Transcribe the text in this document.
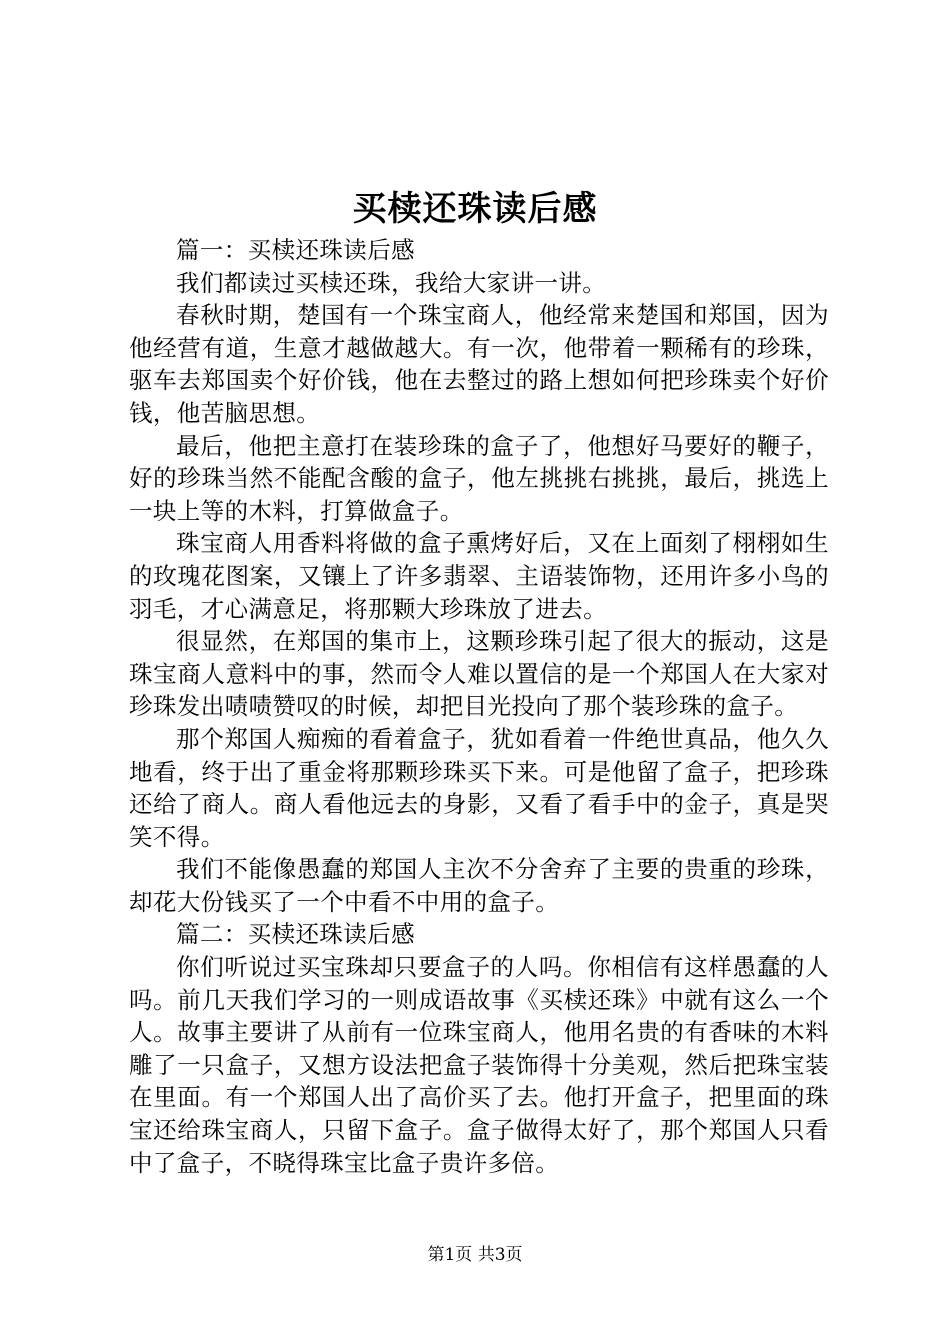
买椟还珠读后感

篇一：买椟还珠读后感

我们都读过买椟还珠，我给大家讲一讲。

春秋时期，楚国有一个珠宝商人，他经常来楚国和郑国，因为他经营有道，生意才越做越大。有一次，他带着一颗稀有的珍珠，驱车去郑国卖个好价钱，他在去整过的路上想如何把珍珠卖个好价钱，他苦脑思想。

最后，他把主意打在装珍珠的盒子了，他想好马要好的鞭子，好的珍珠当然不能配含酸的盒子，他左挑挑右挑挑，最后，挑选上一块上等的木料，打算做盒子。

珠宝商人用香料将做的盒子熏烤好后，又在上面刻了栩栩如生的玫瑰花图案，又镶上了许多翡翠、主语装饰物，还用许多小鸟的羽毛，才心满意足，将那颗大珍珠放了进去。

很显然，在郑国的集市上，这颗珍珠引起了很大的振动，这是珠宝商人意料中的事，然而令人难以置信的是一个郑国人在大家对珍珠发出啧啧赞叹的时候，却把目光投向了那个装珍珠的盒子。

那个郑国人痴痴的看着盒子，犹如看着一件绝世真品，他久久地看，终于出了重金将那颗珍珠买下来。可是他留了盒子，把珍珠还给了商人。商人看他远去的身影，又看了看手中的金子，真是哭笑不得。

我们不能像愚蠢的郑国人主次不分舍弃了主要的贵重的珍珠，却花大份钱买了一个中看不中用的盒子。

篇二：买椟还珠读后感

你们听说过买宝珠却只要盒子的人吗。你相信有这样愚蠢的人吗。前几天我们学习的一则成语故事《买椟还珠》中就有这么一个人。故事主要讲了从前有一位珠宝商人，他用名贵的有香味的木料雕了一只盒子，又想方设法把盒子装饰得十分美观，然后把珠宝装在里面。有一个郑国人出了高价买了去。他打开盒子，把里面的珠宝还给珠宝商人，只留下盒子。盒子做得太好了，那个郑国人只看中了盒子，不晓得珠宝比盒子贵许多倍。

第1页 共3页
